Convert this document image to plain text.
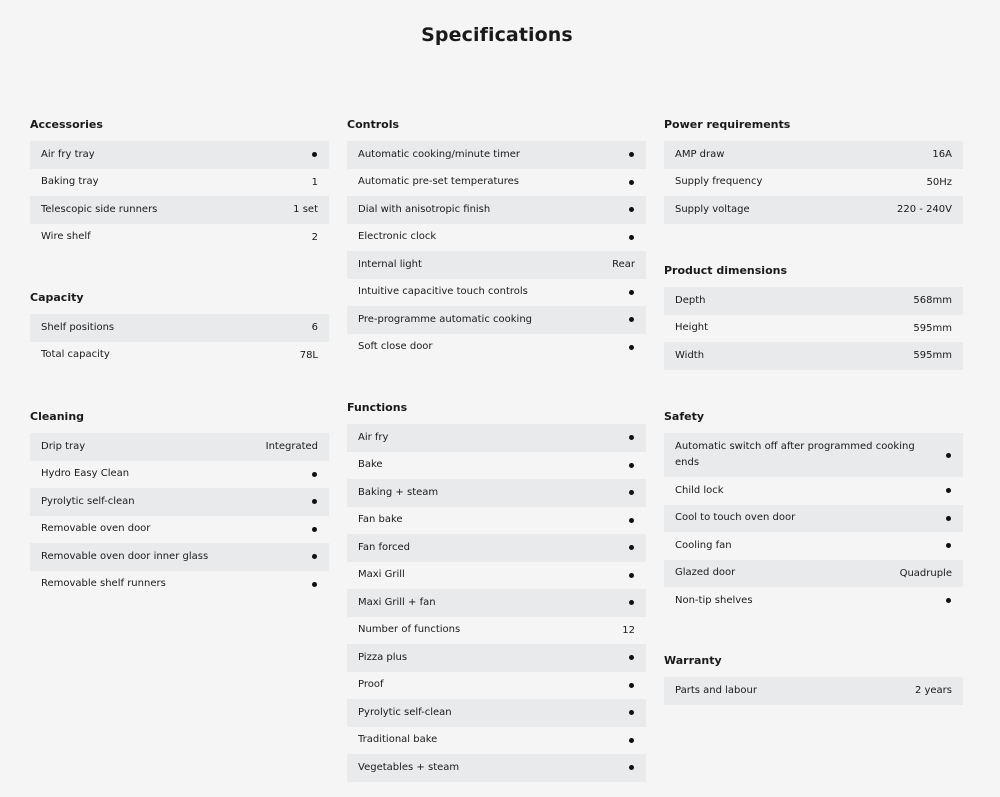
Specifications
Accessories
Air fry tray
Baking tray	1
Telescopic side runners	1 set
Wire shelf	2
Capacity
Shelf positions	6
Total capacity	78L
Cleaning
Drip tray	Integrated
Hydro Easy Clean
Pyrolytic self-clean
Removable oven door
Removable oven door inner glass
Removable shelf runners
Controls
Automatic cooking/minute timer
Automatic pre-set temperatures
Dial with anisotropic finish
Electronic clock
Internal light	Rear
Intuitive capacitive touch controls
Pre-programme automatic cooking
Soft close door
Functions
Air fry
Bake
Baking + steam
Fan bake
Fan forced
Maxi Grill
Maxi Grill + fan
Number of functions	12
Pizza plus
Proof
Pyrolytic self-clean
Traditional bake
Vegetables + steam
Power requirements
AMP draw	16A
Supply frequency	50Hz
Supply voltage	220 - 240V
Product dimensions
Depth	568mm
Height	595mm
Width	595mm
Safety
Automatic switch off after programmed cooking ends
Child lock
Cool to touch oven door
Cooling fan
Glazed door	Quadruple
Non-tip shelves
Warranty
Parts and labour	2 years
